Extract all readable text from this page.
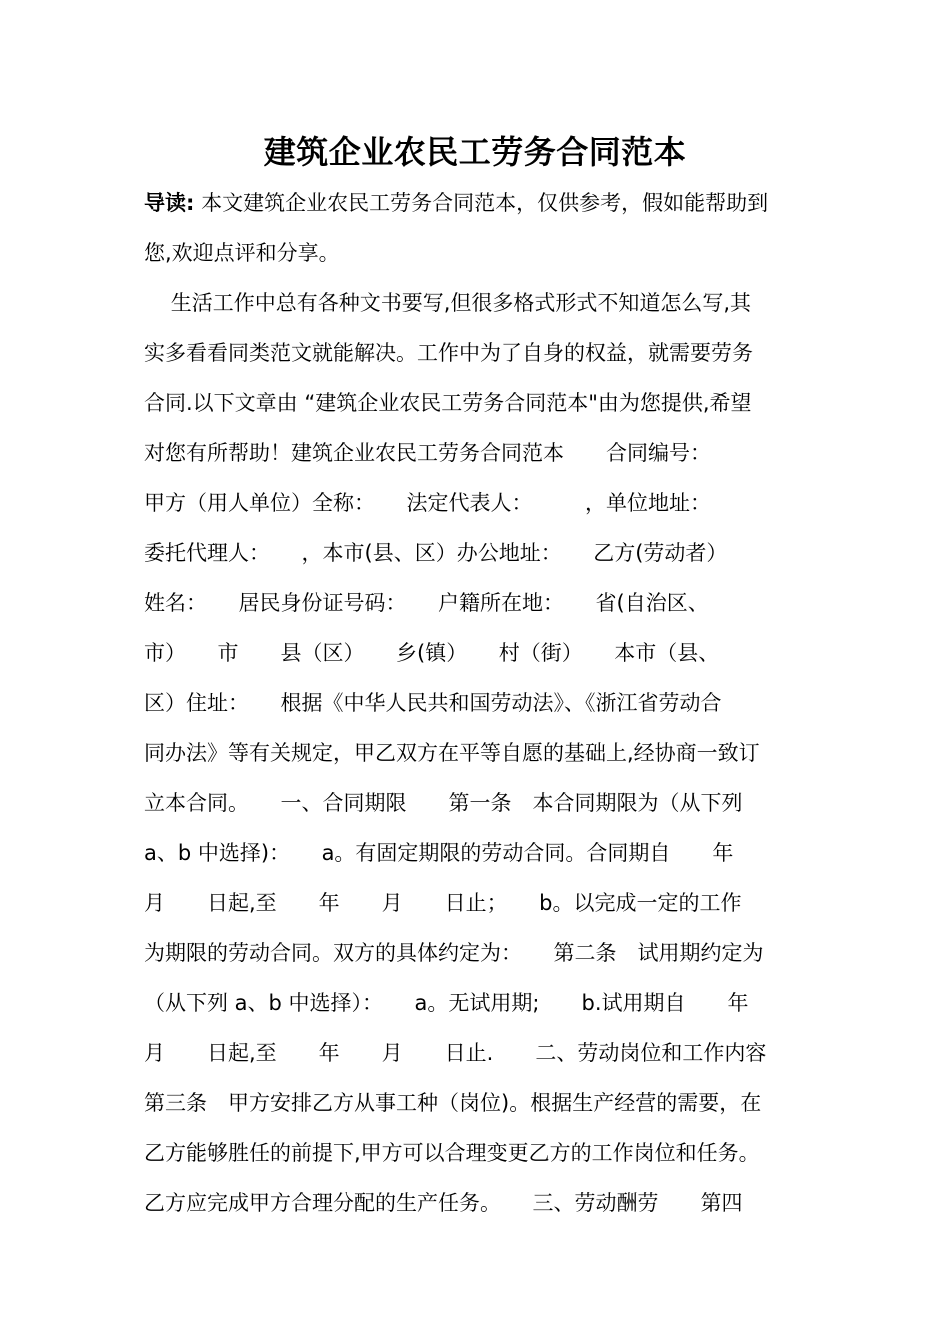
建筑企业农民工劳务合同范本
导读: 本文建筑企业农民工劳务合同范本，仅供参考，假如能帮助到
您,欢迎点评和分享。
生活工作中总有各种文书要写,但很多格式形式不知道怎么写,其
实多看看同类范文就能解决。工作中为了自身的权益，就需要劳务
合同.以下文章由 “建筑企业农民工劳务合同范本"由为您提供,希望
对您有所帮助！建筑企业农民工劳务合同范本　　合同编号：
甲方（用人单位）全称：　　法定代表人：　　　，单位地址：
委托代理人：　　，本市(县、区）办公地址：　　乙方(劳动者）
姓名：　　居民身份证号码：　　户籍所在地：　　省(自治区、
市）　　市　　县（区）　　乡(镇）　　村（街）　　本市（县、
区）住址：　　根据《中华人民共和国劳动法》、《浙江省劳动合
同办法》等有关规定，甲乙双方在平等自愿的基础上,经协商一致订
立本合同。　　一、合同期限　　第一条　本合同期限为（从下列
a、b 中选择)：　　a。有固定期限的劳动合同。合同期自　　年
月　　日起,至　　年　　月　　日止；　　b。以完成一定的工作
为期限的劳动合同。双方的具体约定为：　　第二条　试用期约定为
（从下列 a、b 中选择）：　　a。无试用期;　　b.试用期自　　年
月　　日起,至　　年　　月　　日止.　　二、劳动岗位和工作内容
第三条　甲方安排乙方从事工种（岗位)。根据生产经营的需要，在
乙方能够胜任的前提下,甲方可以合理变更乙方的工作岗位和任务。
乙方应完成甲方合理分配的生产任务。　　三、劳动酬劳　　第四
